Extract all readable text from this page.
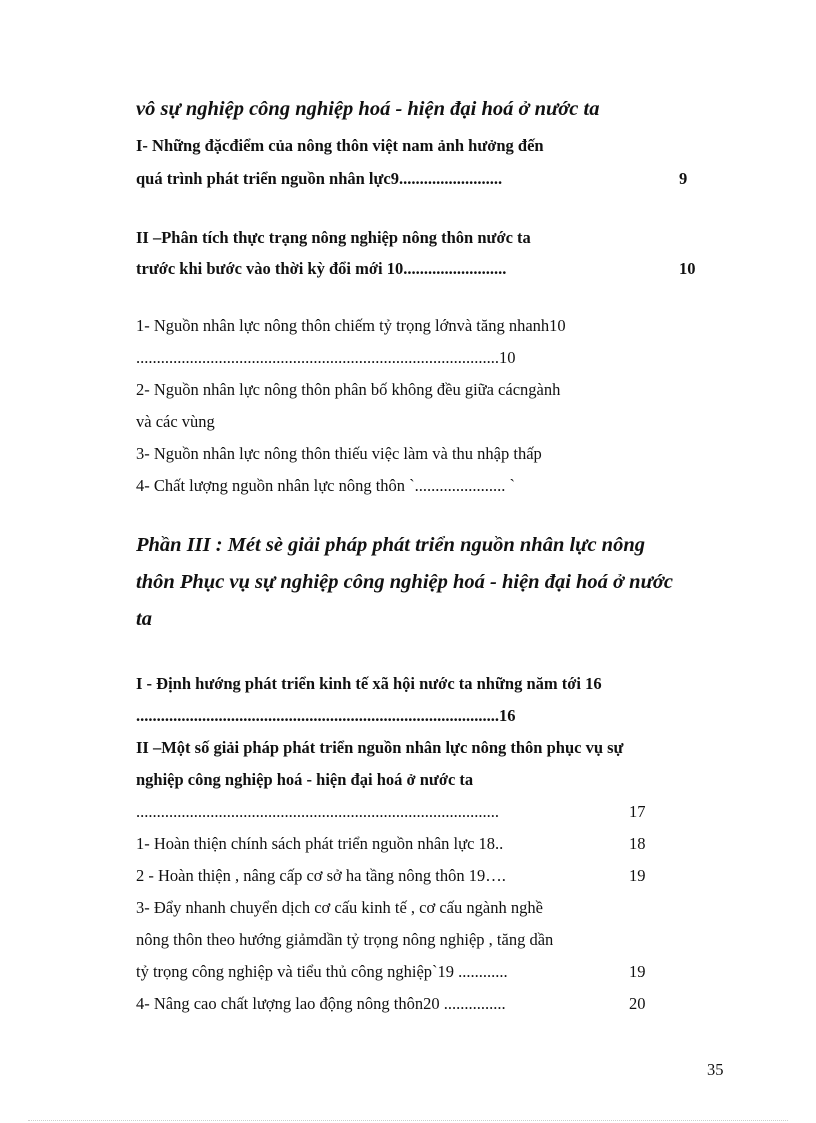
vô sự nghiệp công nghiệp hoá - hiện đại hoá ở nước ta

I- Những đặcđiểm của nông thôn việt nam ảnh hưởng đến

quá trình phát triển nguồn nhân lực9.........................	9

II –Phân tích thực trạng nông nghiệp nông thôn nước ta

trước khi bước vào thời kỳ đổi mới 10.........................	10

1- Nguồn nhân lực nông thôn chiếm tỷ trọng lớnvà tăng nhanh10

........................................................................................10

2- Nguồn nhân lực nông thôn phân bố không đều giữa cácngành

và các vùng

3- Nguồn nhân lực nông thôn thiếu việc làm và thu nhập thấp

4- Chất lượng nguồn nhân lực nông thôn `...................... `

Phần III : Mét sè giải pháp phát triển nguồn nhân lực nông

thôn Phục vụ sự nghiệp công nghiệp hoá - hiện đại hoá ở nước

ta

I - Định hướng phát triển kinh tế xã hội nước ta những năm tới 16

........................................................................................16

II –Một số giải pháp phát triển nguồn nhân lực nông thôn phục vụ sự

nghiệp công nghiệp hoá - hiện đại hoá ở nước ta

........................................................................................	17

1- Hoàn thiện chính sách phát triển nguồn nhân lực 18..	18

2 - Hoàn thiện , nâng cấp cơ sở ha tầng nông thôn 19….	19

3- Đẩy nhanh chuyển dịch cơ cấu kinh tế , cơ cấu ngành nghề

nông thôn theo hướng giảmdần tỷ trọng nông nghiệp , tăng dần

tỷ trọng công nghiệp và tiểu thủ công nghiệp`19 ............	19

4- Nâng cao chất lượng lao động nông thôn20 ...............	20

35
